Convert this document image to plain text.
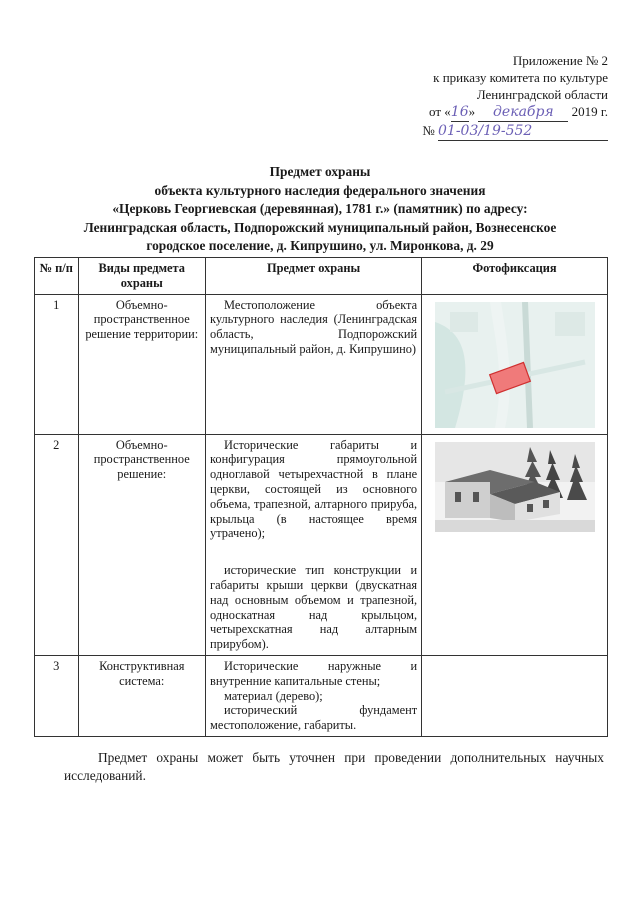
Приложение № 2
к приказу комитета по культуре
Ленинградской области
от «16» декабря 2019 г.
№ 01-03/19-552
Предмет охраны
объекта культурного наследия федерального значения
«Церковь Георгиевская (деревянная), 1781 г.» (памятник) по адресу:
Ленинградская область, Подпорожский муниципальный район, Вознесенское
городское поселение, д. Кипрушино, ул. Миронкова, д. 29
№ п/п	Виды предмета охраны	Предмет охраны	Фотофиксация
1	Объемно-пространственное решение территории:	Местоположение объекта культурного наследия (Ленинградская область, Подпорожский муниципальный район, д. Кипрушино)

2	Объемно-пространственное решение:	Исторические габариты и конфигурация прямоугольной одноглавой четырехчастной в плане церкви, состоящей из основного объема, трапезной, алтарного прируба, крыльца (в настоящее время утрачено);
исторические тип конструкции и габариты крыши церкви (двускатная над основным объемом и трапезной, односкатная над крыльцом, четырехскатная над алтарным прирубом).

3	Конструктивная система:	Исторические наружные и внутренние капитальные стены;
материал (дерево);
исторический фундамент местоположение, габариты.	

Предмет охраны может быть уточнен при проведении дополнительных научных исследований.
